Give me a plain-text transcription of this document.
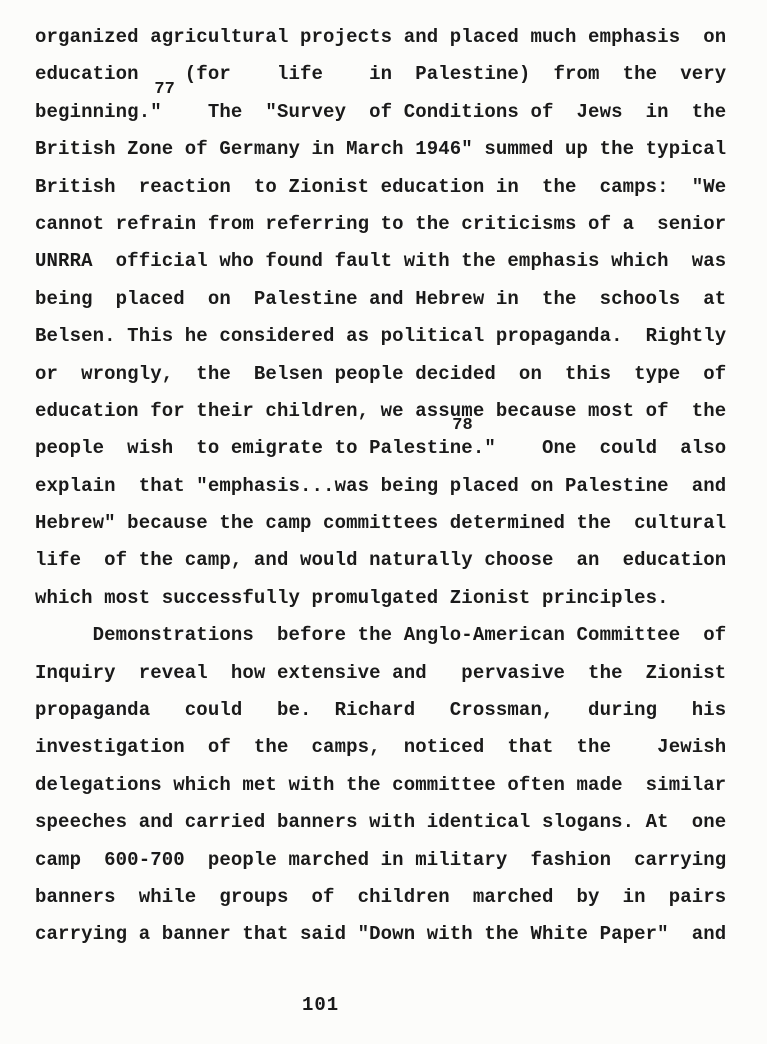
organized agricultural projects and placed much emphasis  on
education    (for    life    in  Palestine)  from  the  very
beginning."    The  "Survey  of Conditions of  Jews  in  the
77
British Zone of Germany in March 1946" summed up the typical
British  reaction  to Zionist education in  the  camps:  "We
cannot refrain from referring to the criticisms of a  senior
UNRRA  official who found fault with the emphasis which  was
being  placed  on  Palestine and Hebrew in  the  schools  at
Belsen. This he considered as political propaganda.  Rightly
or  wrongly,  the  Belsen people decided  on  this  type  of
education for their children, we assume because most of  the
people  wish  to emigrate to Palestine."    One  could  also
78
explain  that "emphasis...was being placed on Palestine  and
Hebrew" because the camp committees determined the  cultural
life  of the camp, and would naturally choose  an  education
which most successfully promulgated Zionist principles.
Demonstrations  before the Anglo-American Committee  of
Inquiry  reveal  how extensive and   pervasive  the  Zionist
propaganda   could   be.  Richard   Crossman,   during   his
investigation  of  the  camps,  noticed  that  the    Jewish
delegations which met with the committee often made  similar
speeches and carried banners with identical slogans. At  one
camp  600-700  people marched in military  fashion  carrying
banners  while  groups  of  children  marched  by  in  pairs
carrying a banner that said "Down with the White Paper"  and
101
